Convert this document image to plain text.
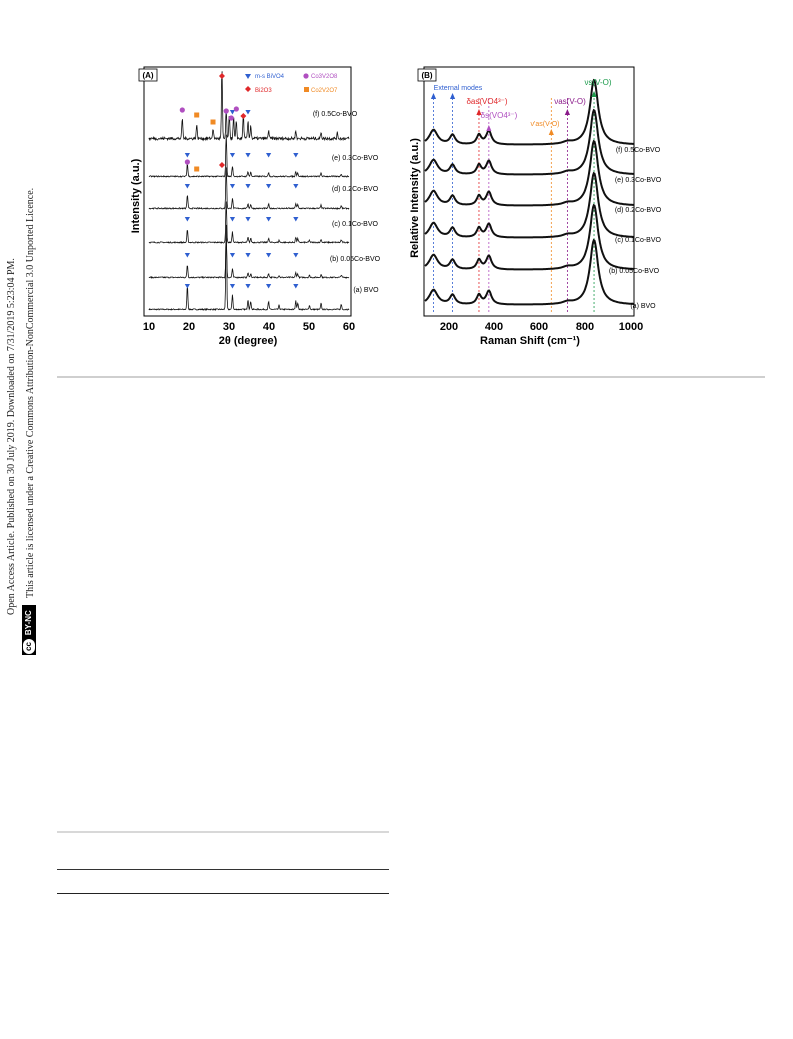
Open Access Article. Published on 30 July 2019. Downloaded on 7/31/2019 5:23:04 PM. This article is licensed under a Creative Commons Attribution-NonCommercial 3.0 Unported Licence.
cc
BY-NC
(A)	m-s BiVO4	Co3V2O8
Bi2O3	Co2V2O7
(f) 0.5Co-BVO
(e) 0.3Co-BVO
(d) 0.2Co-BVO
(c) 0.1Co-BVO
(b) 0.05Co-BVO
(a) BVO
10	20	30	40	50	60
2θ (degree)
Intensity (a.u.)
(B)
External modes
δas(VO4³⁻)
δs(VO4³⁻)
ν'as(V-O)
νas(V-O)
νs(V-O)
(f) 0.5Co-BVO
(e) 0.3Co-BVO
(d) 0.2Co-BVO
(c) 0.1Co-BVO
(b) 0.05Co-BVO
(a) BVO
200 400 600	800 1000
Raman Shift (cm⁻¹)
Relative Intensity (a.u.)
